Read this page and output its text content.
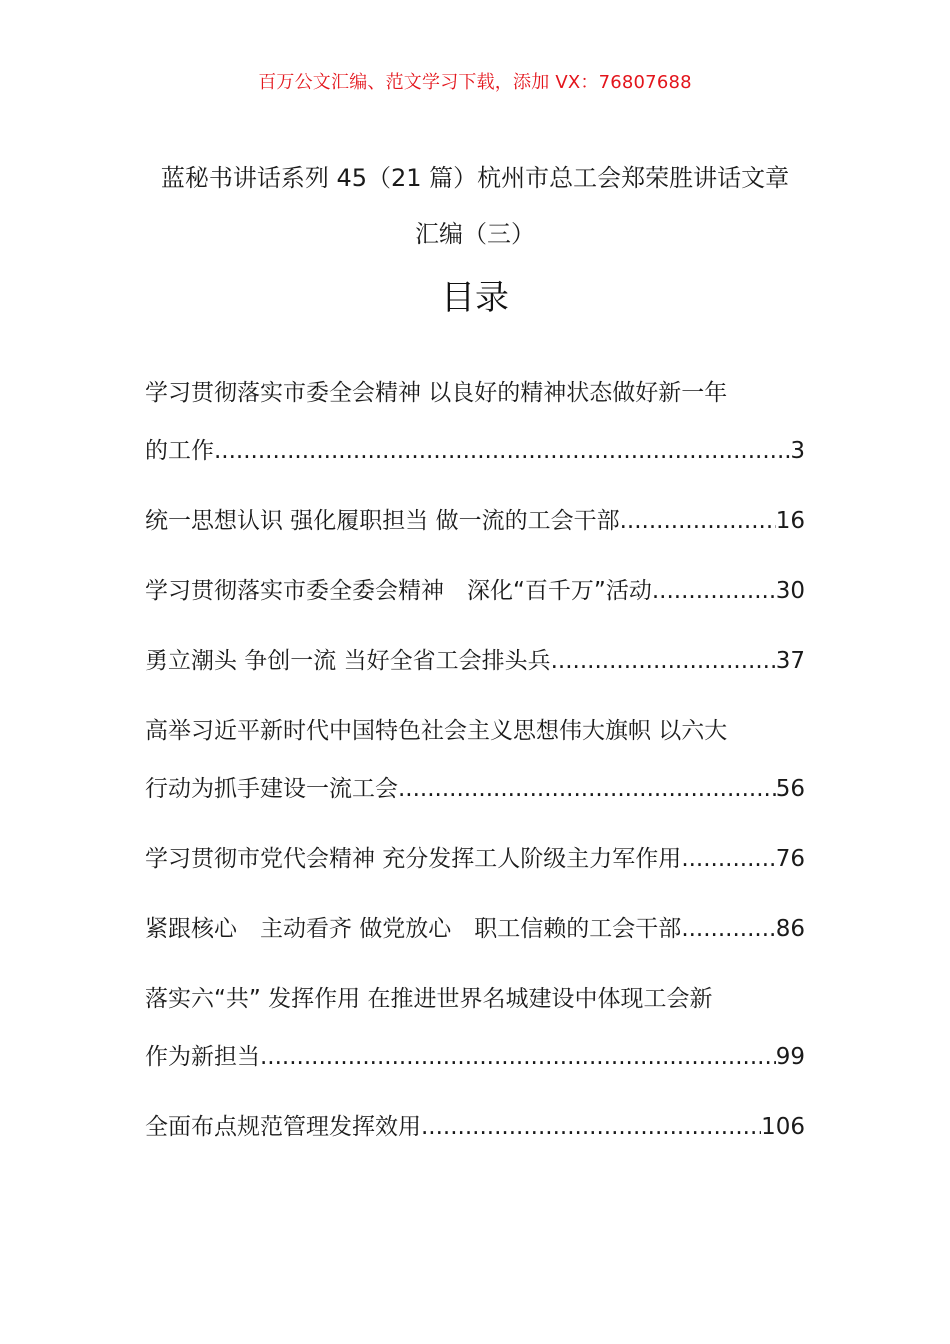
百万公文汇编、范文学习下载，添加 VX：76807688
蓝秘书讲话系列 45（21 篇）杭州市总工会郑荣胜讲话文章
汇编（三）
目录
学习贯彻落实市委全会精神 以良好的精神状态做好新一年
的工作 .....	3
统一思想认识 强化履职担当 做一流的工会干部 .....	16
学习贯彻落实市委全委会精神　深化“百千万”活动 .....	30
勇立潮头 争创一流 当好全省工会排头兵 .....	37
高举习近平新时代中国特色社会主义思想伟大旗帜 以六大
行动为抓手建设一流工会 .....	56
学习贯彻市党代会精神 充分发挥工人阶级主力军作用 .....	76
紧跟核心　主动看齐 做党放心　职工信赖的工会干部 .....	86
落实六“共” 发挥作用 在推进世界名城建设中体现工会新
作为新担当 .....	99
全面布点规范管理发挥效用 .....	106
